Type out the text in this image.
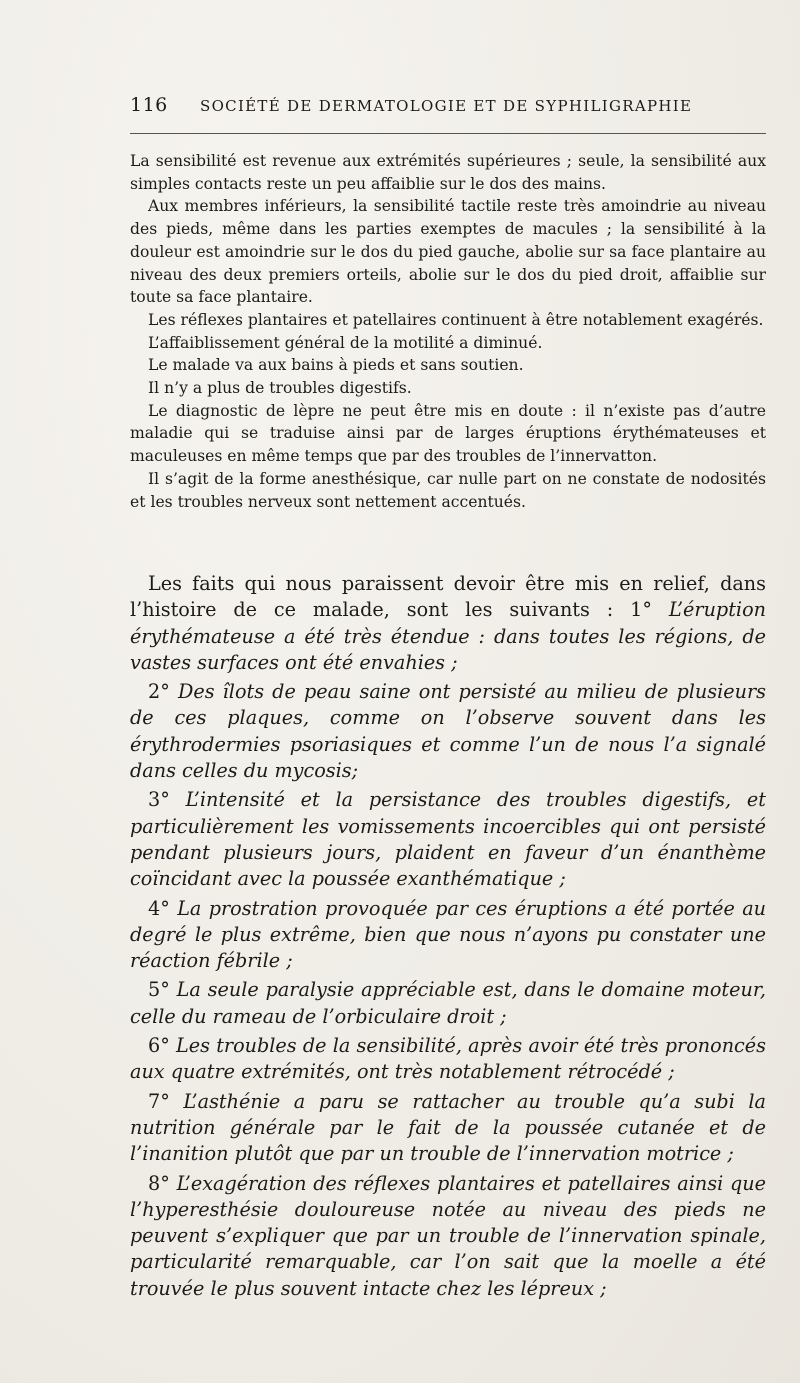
116 SOCIÉTÉ DE DERMATOLOGIE ET DE SYPHILIGRAPHIE

La sensibilité est revenue aux extrémités supérieures ; seule, la sensibilité aux simples contacts reste un peu affaiblie sur le dos des mains.

Aux membres inférieurs, la sensibilité tactile reste très amoindrie au niveau des pieds, même dans les parties exemptes de macules ; la sensibilité à la douleur est amoindrie sur le dos du pied gauche, abolie sur sa face plantaire au niveau des deux premiers orteils, abolie sur le dos du pied droit, affaiblie sur toute sa face plantaire.

Les réflexes plantaires et patellaires continuent à être notablement exagérés.

L’affaiblissement général de la motilité a diminué.

Le malade va aux bains à pieds et sans soutien.

Il n’y a plus de troubles digestifs.

Le diagnostic de lèpre ne peut être mis en doute : il n’existe pas d’autre maladie qui se traduise ainsi par de larges éruptions érythémateuses et maculeuses en même temps que par des troubles de l’innervatton.

Il s’agit de la forme anesthésique, car nulle part on ne constate de nodosités et les troubles nerveux sont nettement accentués.

Les faits qui nous paraissent devoir être mis en relief, dans l’histoire de ce malade, sont les suivants : 1° L’éruption érythémateuse a été très étendue : dans toutes les régions, de vastes surfaces ont été envahies ;

2° Des îlots de peau saine ont persisté au milieu de plusieurs de ces plaques, comme on l’observe souvent dans les érythrodermies psoriasiques et comme l’un de nous l’a signalé dans celles du mycosis;

3° L’intensité et la persistance des troubles digestifs, et particulièrement les vomissements incoercibles qui ont persisté pendant plusieurs jours, plaident en faveur d’un énanthème coïncidant avec la poussée exanthématique ;

4° La prostration provoquée par ces éruptions a été portée au degré le plus extrême, bien que nous n’ayons pu constater une réaction fébrile ;

5° La seule paralysie appréciable est, dans le domaine moteur, celle du rameau de l’orbiculaire droit ;

6° Les troubles de la sensibilité, après avoir été très prononcés aux quatre extrémités, ont très notablement rétrocédé ;

7° L’asthénie a paru se rattacher au trouble qu’a subi la nutrition générale par le fait de la poussée cutanée et de l’inanition plutôt que par un trouble de l’innervation motrice ;

8° L’exagération des réflexes plantaires et patellaires ainsi que l’hyperesthésie douloureuse notée au niveau des pieds ne peuvent s’expliquer que par un trouble de l’innervation spinale, particularité remarquable, car l’on sait que la moelle a été trouvée le plus souvent intacte chez les lépreux ;
